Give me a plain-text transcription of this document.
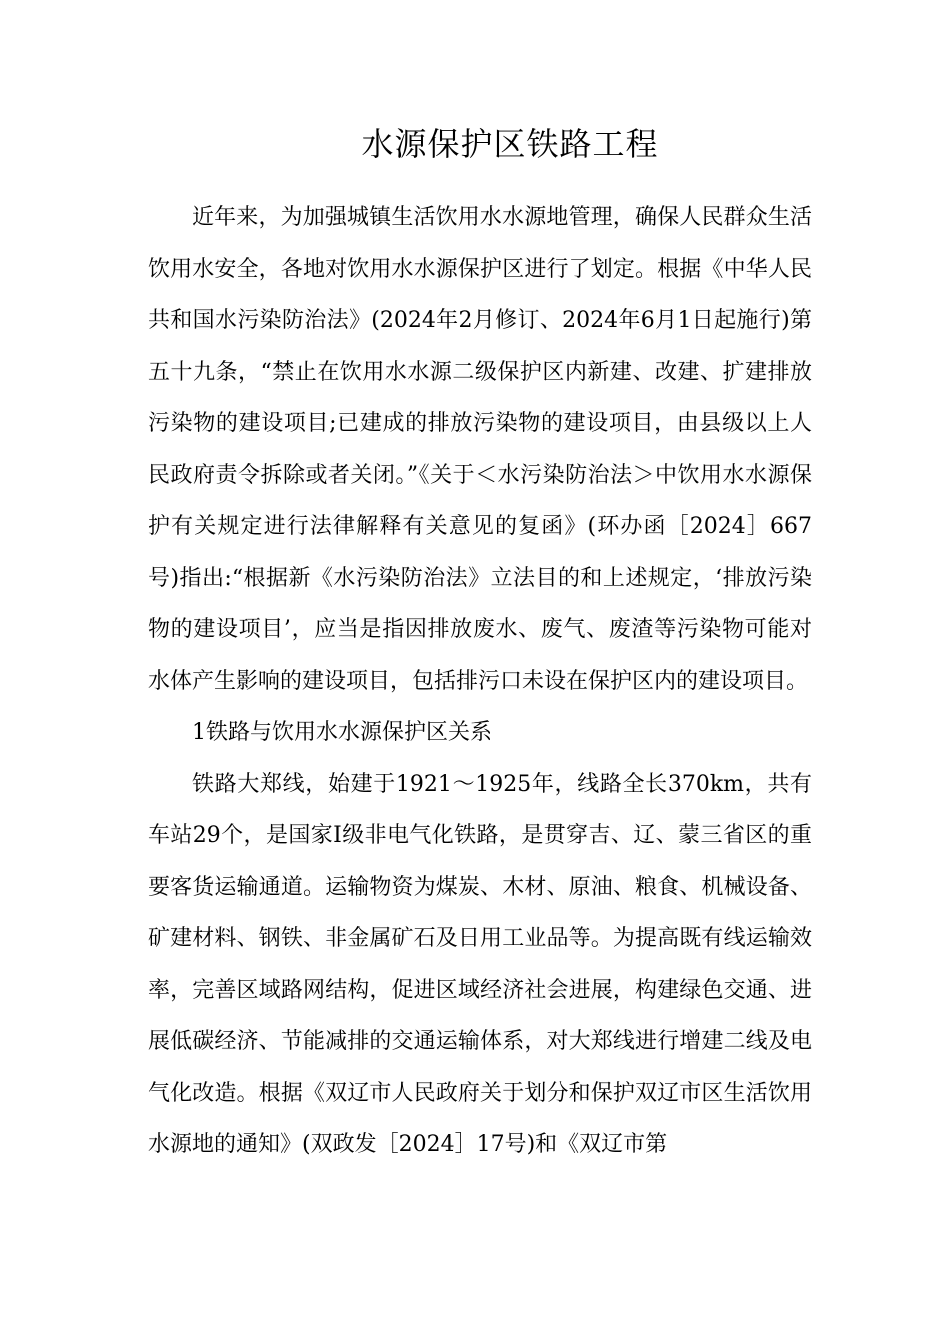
水源保护区铁路工程

近年来，为加强城镇生活饮用水水源地管理，确保人民群众生活饮用水安全，各地对饮用水水源保护区进行了划定。根据《中华人民共和国水污染防治法》(2024年2月修订、2024年6月1日起施行)第五十九条，“禁止在饮用水水源二级保护区内新建、改建、扩建排放污染物的建设项目;已建成的排放污染物的建设项目，由县级以上人民政府责令拆除或者关闭。”《关于＜水污染防治法＞中饮用水水源保护有关规定进行法律解释有关意见的复函》(环办函［2024］667号)指出:“根据新《水污染防治法》立法目的和上述规定，‘排放污染物的建设项目’，应当是指因排放废水、废气、废渣等污染物可能对水体产生影响的建设项目，包括排污口未设在保护区内的建设项目。

1铁路与饮用水水源保护区关系

铁路大郑线，始建于1921～1925年，线路全长370km，共有车站29个，是国家I级非电气化铁路，是贯穿吉、辽、蒙三省区的重要客货运输通道。运输物资为煤炭、木材、原油、粮食、机械设备、矿建材料、钢铁、非金属矿石及日用工业品等。为提高既有线运输效率，完善区域路网结构，促进区域经济社会进展，构建绿色交通、进展低碳经济、节能减排的交通运输体系，对大郑线进行增建二线及电气化改造。根据《双辽市人民政府关于划分和保护双辽市区生活饮用水源地的通知》(双政发［2024］17号)和《双辽市第
